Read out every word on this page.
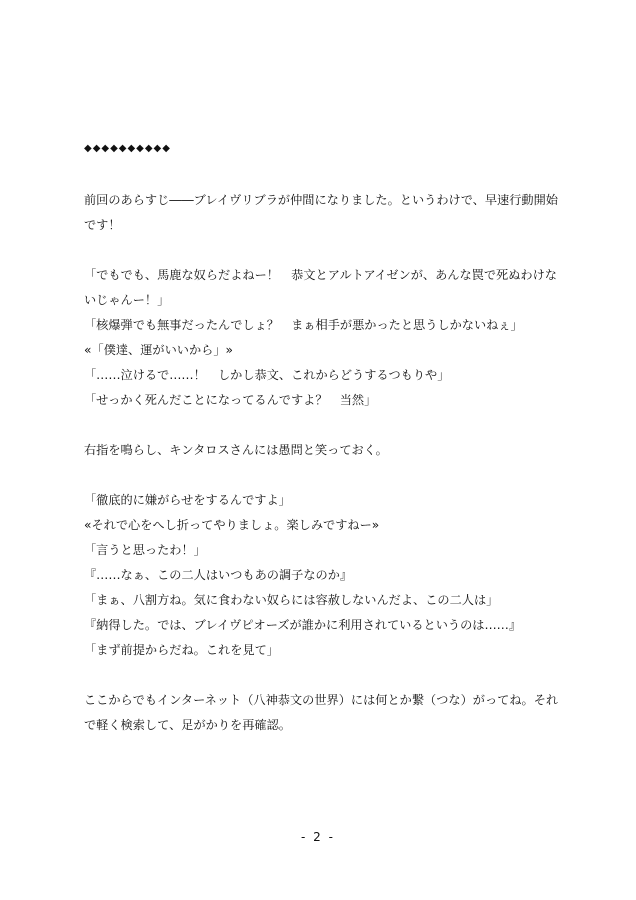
◆◆◆◆◆◆◆◆◆◆
前回のあらすじ――ブレイヴリブラが仲間になりました。というわけで、早速行動開始
です！
「でもでも、馬鹿な奴らだよねー！　恭文とアルトアイゼンが、あんな罠で死ぬわけな
いじゃんー！」
「核爆弾でも無事だったんでしょ？　まぁ相手が悪かったと思うしかないねぇ」
«「僕達、運がいいから」»
「……泣けるで……！　しかし恭文、これからどうするつもりや」
「せっかく死んだことになってるんですよ？　当然」
右指を鳴らし、キンタロスさんには愚問と笑っておく。
「徹底的に嫌がらせをするんですよ」
«それで心をへし折ってやりましょ。楽しみですねー»
「言うと思ったわ！」
『……なぁ、この二人はいつもあの調子なのか』
「まぁ、八割方ね。気に食わない奴らには容赦しないんだよ、この二人は」
『納得した。では、ブレイヴピオーズが誰かに利用されているというのは……』
「まず前提からだね。これを見て」
ここからでもインターネット（八神恭文の世界）には何とか繋（つな）がってね。それ
で軽く検索して、足がかりを再確認。
- 2 -
